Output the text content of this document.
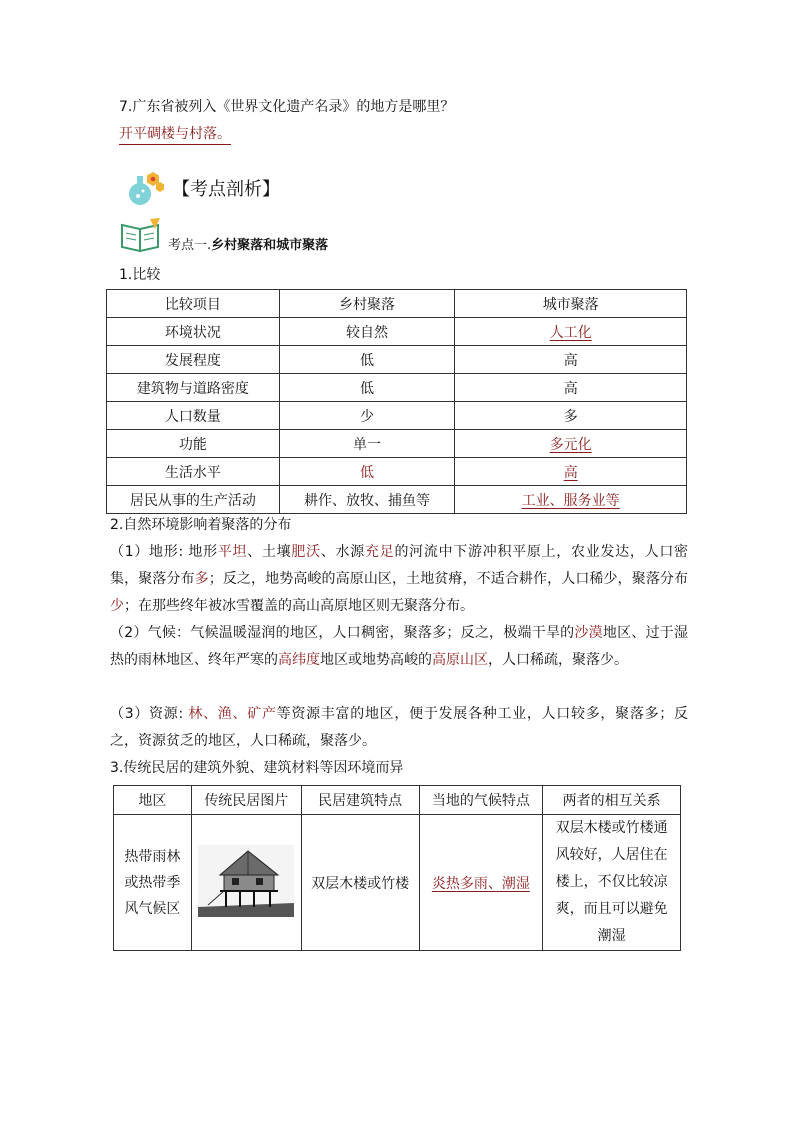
7.广东省被列入《世界文化遗产名录》的地方是哪里？
开平碉楼与村落。
【考点剖析】
考点一. 乡村聚落和城市聚落
1.比较
比较项目	乡村聚落	城市聚落
环境状况	较自然	人工化
发展程度	低	高
建筑物与道路密度	低	高
人口数量	少	多
功能	单一	多元化
生活水平	低	高
居民从事的生产活动	耕作、放牧、捕鱼等	工业、服务业等
2.自然环境影响着聚落的分布
（1）地形: 地形平坦、土壤肥沃、水源充足的河流中下游冲积平原上，农业发达，人口密集，聚落分布多；反之，地势高峻的高原山区，土地贫瘠，不适合耕作，人口稀少，聚落分布少；在那些终年被冰雪覆盖的高山高原地区则无聚落分布。
（2）气候：气候温暖湿润的地区，人口稠密，聚落多；反之，极端干旱的沙漠地区、过于湿热的雨林地区、终年严寒的高纬度地区或地势高峻的高原山区，人口稀疏，聚落少。
（3）资源: 林、渔、矿产等资源丰富的地区，便于发展各种工业，人口较多，聚落多；反之，资源贫乏的地区，人口稀疏，聚落少。
3.传统民居的建筑外貌、建筑材料等因环境而异
地区	传统民居图片	民居建筑特点	当地的气候特点	两者的相互关系
热带雨林或热带季风气候区		双层木楼或竹楼	炎热多雨、潮湿	双层木楼或竹楼通风较好，人居住在楼上，不仅比较凉爽，而且可以避免潮湿
